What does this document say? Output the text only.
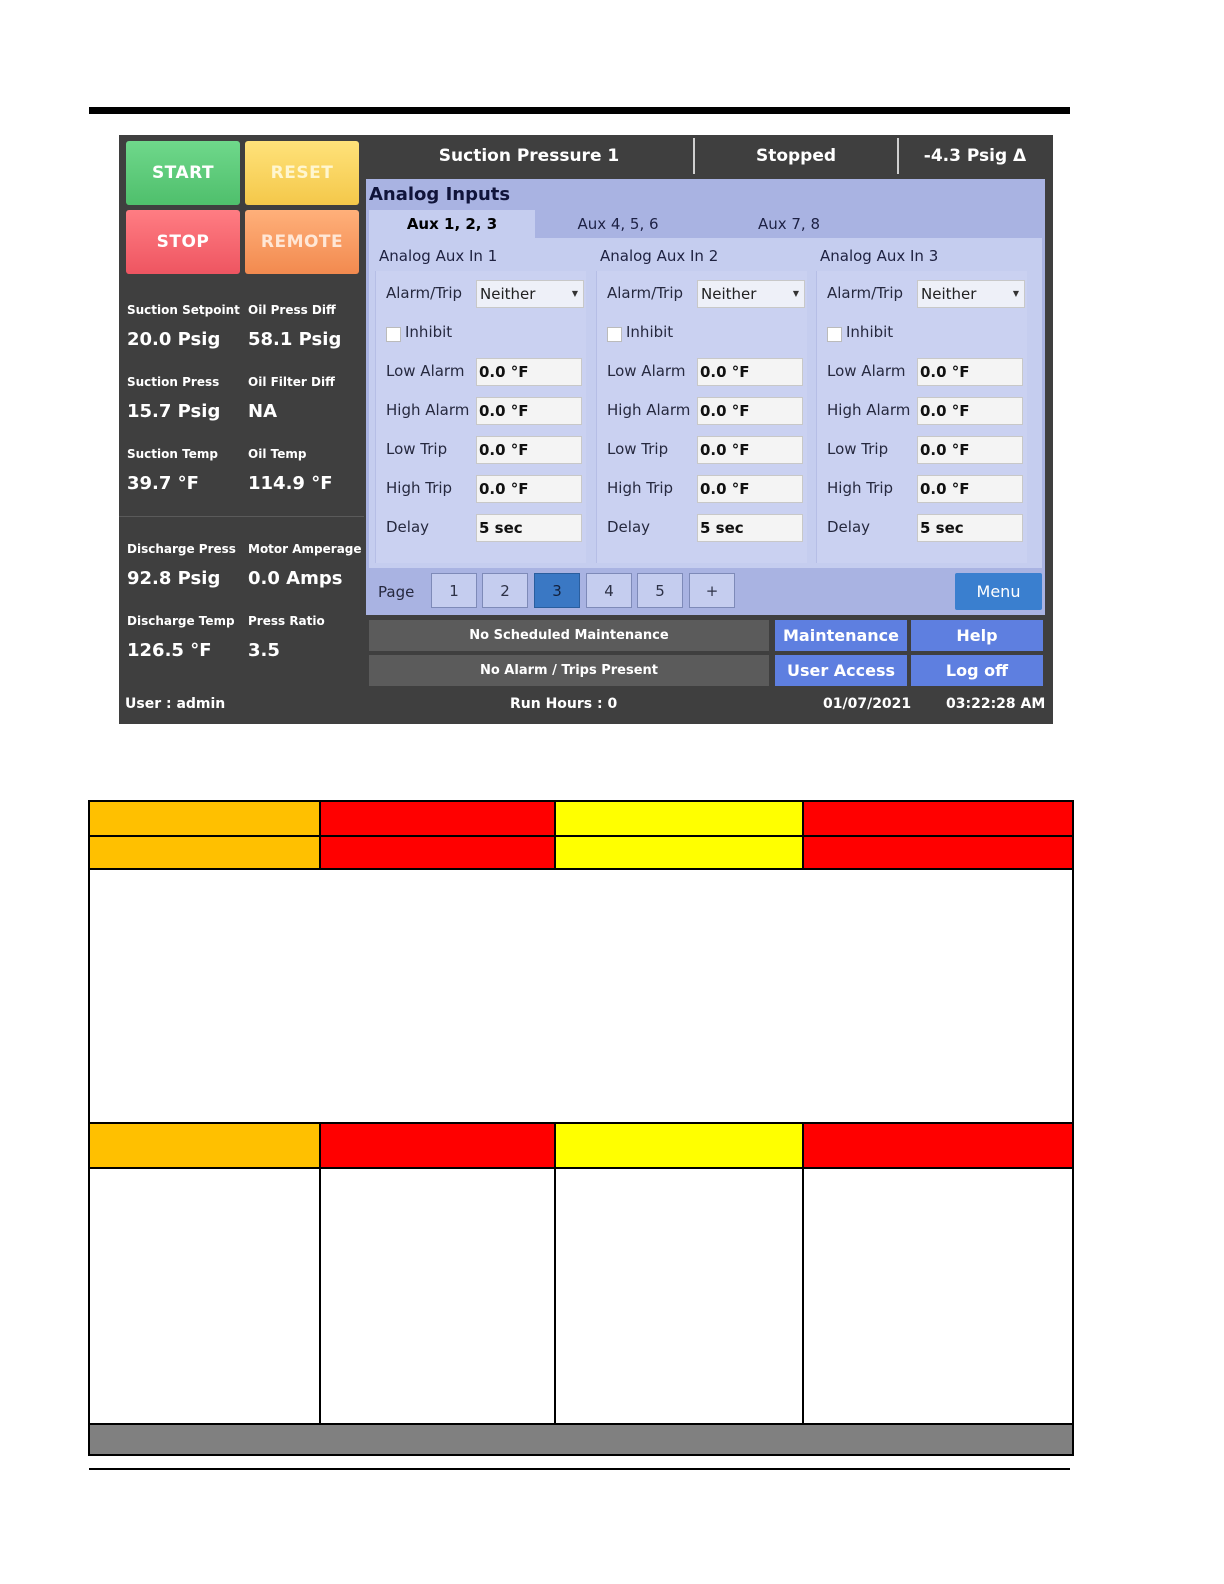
START	RESET
STOP	REMOTE
Suction Setpoint
20.0 Psig
Oil Press Diff
58.1 Psig
Suction Press
15.7 Psig
Oil Filter Diff
NA
Suction Temp
39.7 °F
Oil Temp
114.9 °F
Discharge Press
92.8 Psig
Motor Amperage
0.0 Amps
Discharge Temp
126.5 °F
Press Ratio
3.5
Suction Pressure 1	Stopped	-4.3 Psig Δ
Analog Inputs
Aux 1, 2, 3	Aux 4, 5, 6	Aux 7, 8
Analog Aux In 1
Alarm/Trip Neither	▼
Inhibit
Low Alarm 0.0 °F
High Alarm 0.0 °F
Low Trip 0.0 °F
High Trip 0.0 °F
Delay	5 sec
Analog Aux In 2
Alarm/Trip Neither	▼
Inhibit
Low Alarm 0.0 °F
High Alarm 0.0 °F
Low Trip 0.0 °F
High Trip 0.0 °F
Delay	5 sec
Analog Aux In 3
Alarm/Trip Neither	▼
Inhibit
Low Alarm 0.0 °F
High Alarm 0.0 °F
Low Trip 0.0 °F
High Trip 0.0 °F
Delay	5 sec
Page	1	2	3	4	5	+	Menu
No Scheduled Maintenance
No Alarm / Trips Present
Maintenance	Help
User Access	Log off
User : admin	Run Hours : 0	01/07/2021 03:22:28 AM
